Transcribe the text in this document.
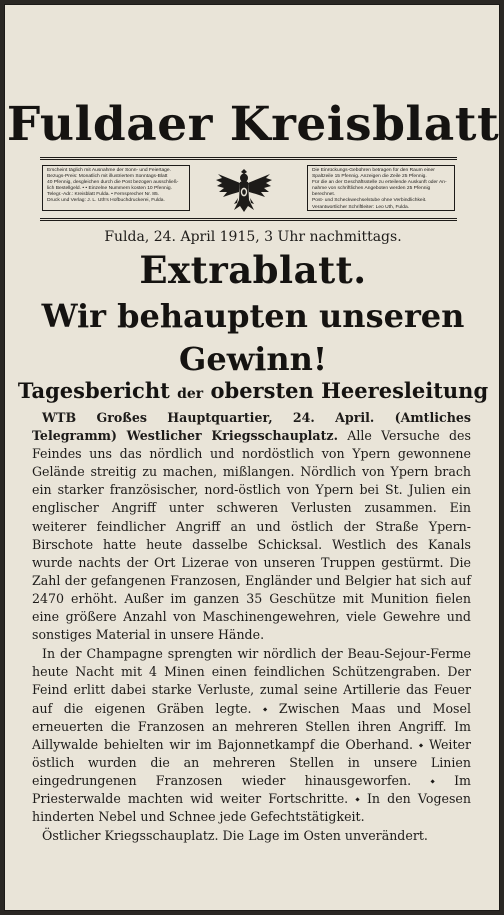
Fuldaer Kreisblatt
Erscheint täglich mit Ausnahme der Sonn- und Feiertage.
Bezugs-Preis: Monatlich mit illustriertem Sonntags-Blatt
40 Pfennig, desgleichen durch die Post bezogen ausschließ-
lich Bestellgeld. • • Einzelne Nummern kosten 10 Pfennig.
Telegr.-Adr.: Kreisblatt Fulda. • Fernsprecher Nr. 85.
Druck und Verlag: J. L. Uth's Hofbuchdruckerei, Fulda.
Die Einrückungs-Gebühren betragen für den Raum einer
Spaltzeile 15 Pfennig. Anzeigen die Zeile 25 Pfennig.
Für die an der Geschäftsstelle zu erteilende Auskunft oder An-
nahme von schriftlichen Angeboten werden 25 Pfennig berechnet.
Post- und Scheckwechselstube ohne Verbindlichkeit.
Verantwortlicher Schriftleiter: Leo Uth, Fulda.
Fulda, 24. April 1915, 3 Uhr nachmittags.
Extrablatt.
Wir behaupten unseren
Gewinn!
Tagesbericht der obersten Heeresleitung

WTB Großes Hauptquartier, 24. April. (Amtliches Telegramm) Westlicher Kriegsschauplatz. Alle Versuche des Feindes uns das nördlich und nordöstlich von Ypern gewonnene Gelände streitig zu machen, mißlangen. Nördlich von Ypern brach ein starker französischer, nord-östlich von Ypern bei St. Julien ein englischer Angriff unter schweren Verlusten zusammen. Ein weiterer feindlicher Angriff an und östlich der Straße Ypern-Birschote hatte heute dasselbe Schicksal. Westlich des Kanals wurde nachts der Ort Lizerae von unseren Truppen gestürmt. Die Zahl der gefangenen Franzosen, Engländer und Belgier hat sich auf 2470 erhöht. Außer im ganzen 35 Geschütze mit Munition fielen eine größere Anzahl von Maschinengewehren, viele Gewehre und sonstiges Material in unsere Hände.

In der Champagne sprengten wir nördlich der Beau-Sejour-Ferme heute Nacht mit 4 Minen einen feindlichen Schützengraben. Der Feind erlitt dabei starke Verluste, zumal seine Artillerie das Feuer auf die eigenen Gräben legte. ⬩ Zwischen Maas und Mosel erneuerten die Franzosen an mehreren Stellen ihren Angriff. Im Aillywalde behielten wir im Bajonnetkampf die Oberhand. ⬩ Weiter östlich wurden die an mehreren Stellen in unsere Linien eingedrungenen Franzosen wieder hinausgeworfen. ⬩ Im Priesterwalde machten wid weiter Fortschritte. ⬩ In den Vogesen hinderten Nebel und Schnee jede Gefechtstätigkeit.

Östlicher Kriegsschauplatz. Die Lage im Osten unverändert.
